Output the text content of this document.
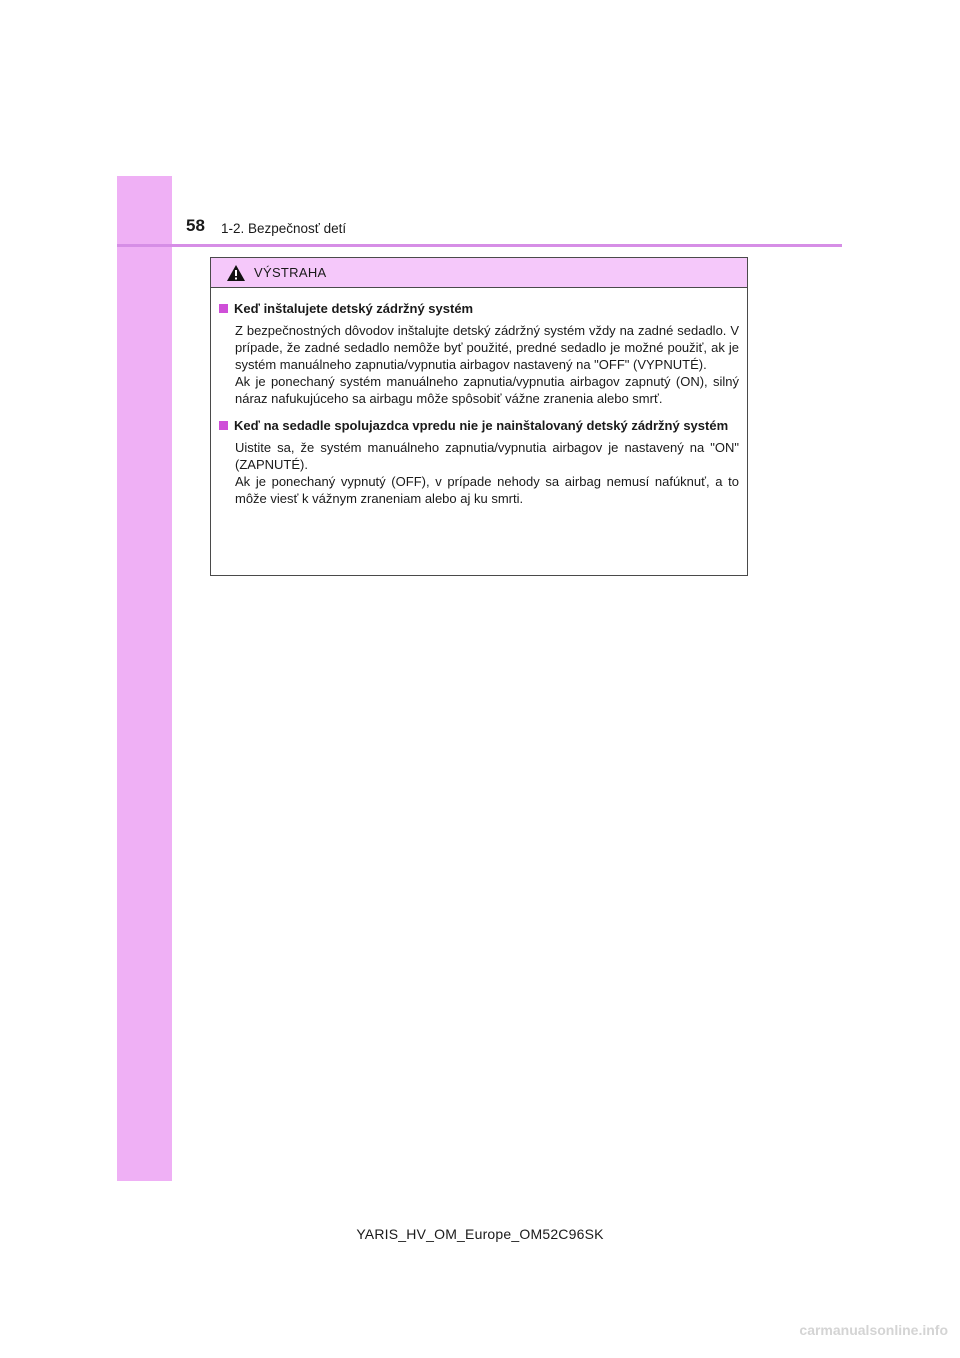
58 1-2. Bezpečnosť detí
VÝSTRAHA
Keď inštalujete detský zádržný systém

Z bezpečnostných dôvodov inštalujte detský zádržný systém vždy na zadné sedadlo. V prípade, že zadné sedadlo nemôže byť použité, predné sedadlo je možné použiť, ak je systém manuálneho zapnutia/vypnutia airbagov nastavený na "OFF" (VYPNUTÉ).

Ak je ponechaný systém manuálneho zapnutia/vypnutia airbagov zapnutý (ON), silný náraz nafukujúceho sa airbagu môže spôsobiť vážne zranenia alebo smrť.

Keď na sedadle spolujazdca vpredu nie je nainštalovaný detský zádržný systém

Uistite sa, že systém manuálneho zapnutia/vypnutia airbagov je nastavený na "ON" (ZAPNUTÉ).

Ak je ponechaný vypnutý (OFF), v prípade nehody sa airbag nemusí nafúknuť, a to môže viesť k vážnym zraneniam alebo aj ku smrti.

YARIS_HV_OM_Europe_OM52C96SK
carmanualsonline.info
